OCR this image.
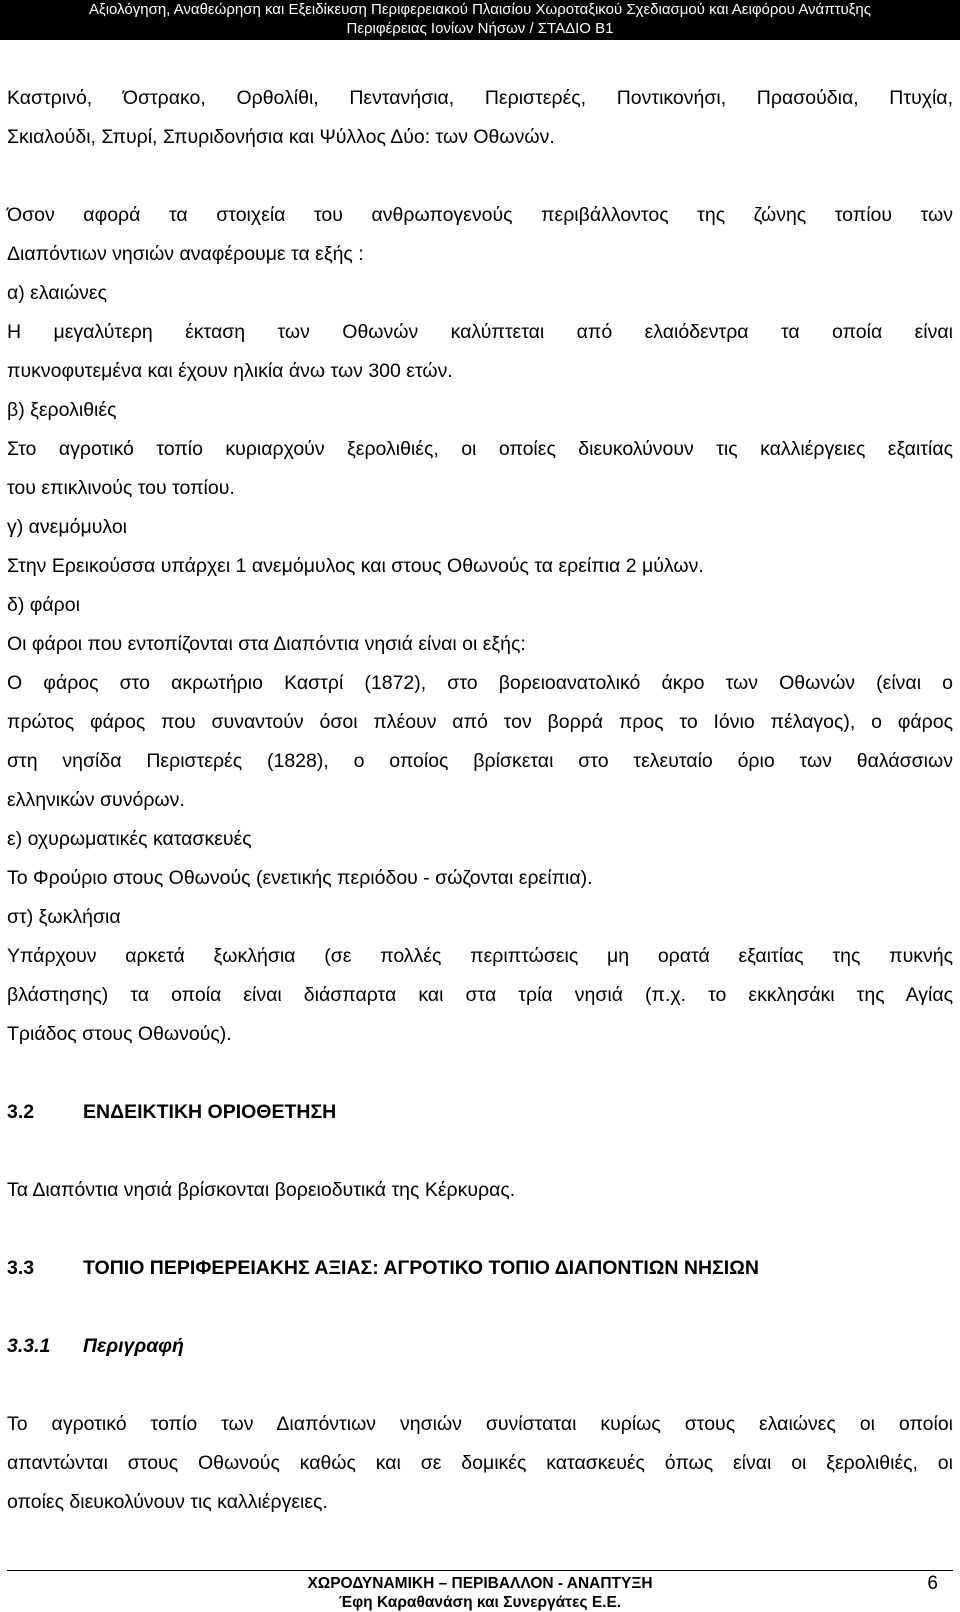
Αξιολόγηση, Αναθεώρηση και Εξειδίκευση Περιφερειακού Πλαισίου Χωροταξικού Σχεδιασμού και Αειφόρου Ανάπτυξης
Περιφέρειας Ιονίων Νήσων / ΣΤΑΔΙΟ Β1

Καστρινό, Όστρακο, Ορθολίθι, Πεντανήσια, Περιστερές, Ποντικονήσι, Πρασούδια, Πτυχία,

Σκιαλούδι, Σπυρί, Σπυριδονήσια και Ψύλλος Δύο: των Οθωνών.

Όσον αφορά τα στοιχεία του ανθρωπογενούς περιβάλλοντος της ζώνης τοπίου των

Διαπόντιων νησιών αναφέρουμε τα εξής :

α) ελαιώνες

Η μεγαλύτερη έκταση των Οθωνών καλύπτεται από ελαιόδεντρα τα οποία είναι

πυκνοφυτεμένα και έχουν ηλικία άνω των 300 ετών.

β) ξερολιθιές

Στο αγροτικό τοπίο κυριαρχούν ξερολιθιές, οι οποίες διευκολύνουν τις καλλιέργειες εξαιτίας

του επικλινούς του τοπίου.

γ) ανεμόμυλοι

Στην Ερεικούσσα υπάρχει 1 ανεμόμυλος και στους Οθωνούς τα ερείπια 2 μύλων.

δ) φάροι

Οι φάροι που εντοπίζονται στα Διαπόντια νησιά είναι οι εξής:

Ο φάρος στο ακρωτήριο Καστρί (1872), στο βορειοανατολικό άκρο των Οθωνών (είναι ο

πρώτος φάρος που συναντούν όσοι πλέουν από τον βορρά προς το Ιόνιο πέλαγος), ο φάρος

στη νησίδα Περιστερές (1828), ο οποίος βρίσκεται στο τελευταίο όριο των θαλάσσιων

ελληνικών συνόρων.

ε) οχυρωματικές κατασκευές

Το Φρούριο στους Οθωνούς (ενετικής περιόδου - σώζονται ερείπια).

στ) ξωκλήσια

Υπάρχουν αρκετά ξωκλήσια (σε πολλές περιπτώσεις μη ορατά εξαιτίας της πυκνής

βλάστησης) τα οποία είναι διάσπαρτα και στα τρία νησιά (π.χ. το εκκλησάκι της Αγίας

Τριάδος στους Οθωνούς).

3.2	ΕΝΔΕΙΚΤΙΚΗ ΟΡΙΟΘΕΤΗΣΗ

Τα Διαπόντια νησιά βρίσκονται βορειοδυτικά της Κέρκυρας.

3.3	ΤΟΠΙΟ ΠΕΡΙΦΕΡΕΙΑΚΗΣ ΑΞΙΑΣ: ΑΓΡΟΤΙΚΟ ΤΟΠΙΟ ΔΙΑΠΟΝΤΙΩΝ ΝΗΣΙΩΝ

3.3.1 Περιγραφή

Το αγροτικό τοπίο των Διαπόντιων νησιών συνίσταται κυρίως στους ελαιώνες οι οποίοι

απαντώνται στους Οθωνούς καθώς και σε δομικές κατασκευές όπως είναι οι ξερολιθιές, οι

οποίες διευκολύνουν τις καλλιέργειες.

ΧΩΡΟΔΥΝΑΜΙΚΗ – ΠΕΡΙΒΑΛΛΟΝ - ΑΝΑΠΤΥΞΗ
Έφη Καραθανάση και Συνεργάτες Ε.Ε.
6
